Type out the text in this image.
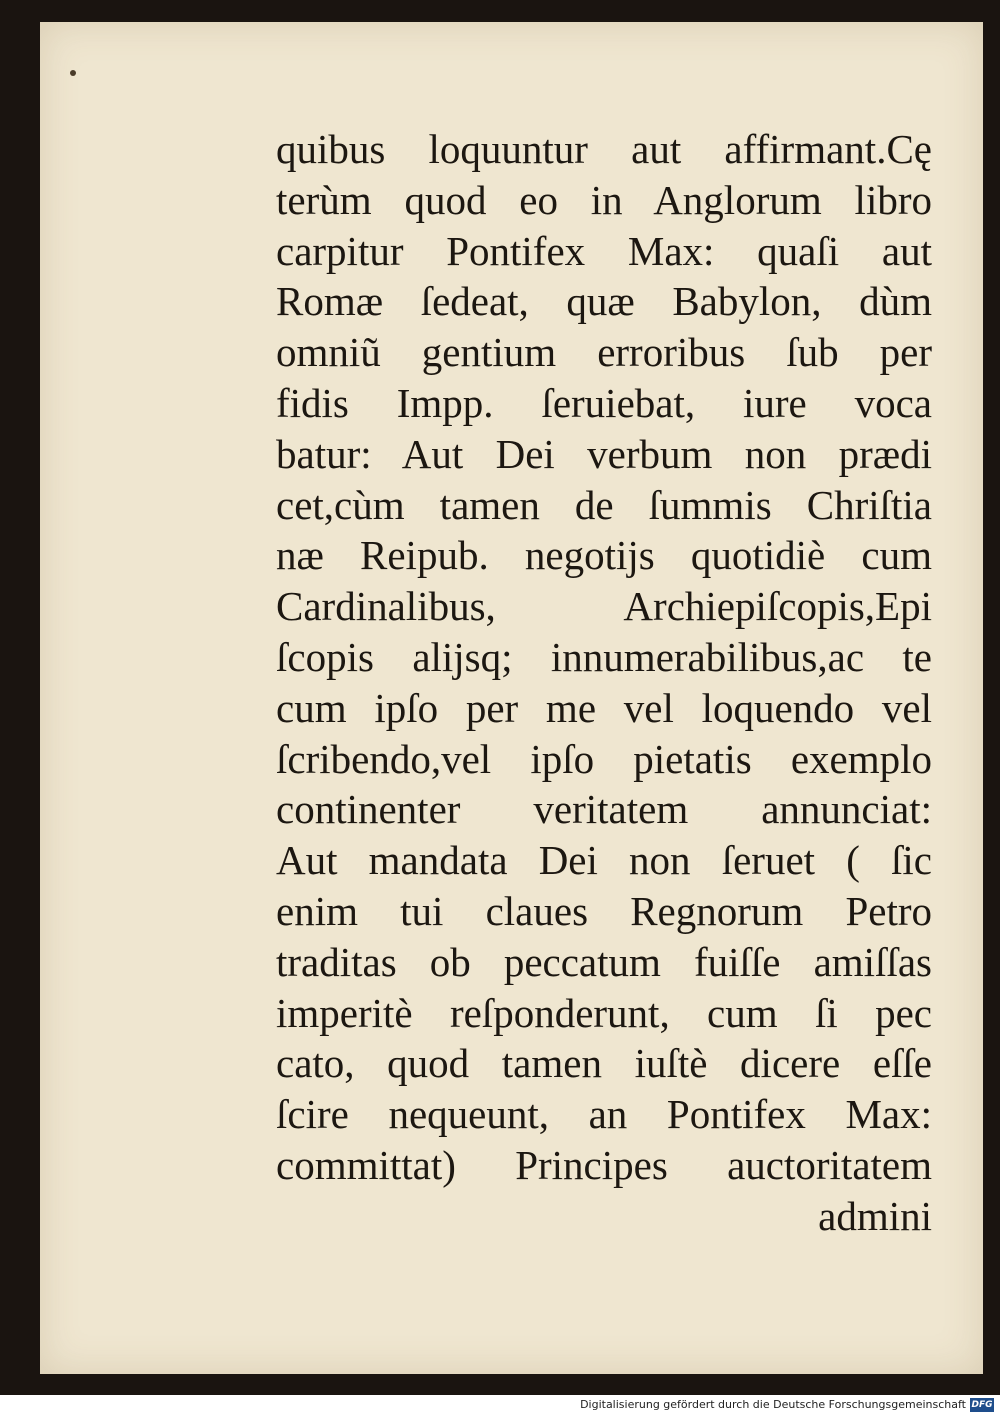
quibus loquuntur aut affirmant.Cę
terùm quod eo in Anglorum libro
carpitur Pontifex Max: quaſi aut
Romæ ſedeat, quæ Babylon, dùm
omniũ gentium erroribus ſub per
fidis Impp. ſeruiebat, iure voca
batur: Aut Dei verbum non prædi
cet,cùm tamen de ſummis Chriſtia
næ Reipub. negotijs quotidiè cum
Cardinalibus, Archiepiſcopis,Epi
ſcopis alijsq; innumerabilibus,ac te
cum ipſo per me vel loquendo vel
ſcribendo,vel ipſo pietatis exemplo
continenter veritatem annunciat:
Aut mandata Dei non ſeruet ( ſic
enim tui claues Regnorum Petro
traditas ob peccatum fuiſſe amiſſas
imperitè reſponderunt, cum ſi pec
cato, quod tamen iuſtè dicere eſſe
ſcire nequeunt, an Pontifex Max:
committat) Principes auctoritatem
admini
Digitalisierung gefördert durch die Deutsche Forschungsgemeinschaft DFG
